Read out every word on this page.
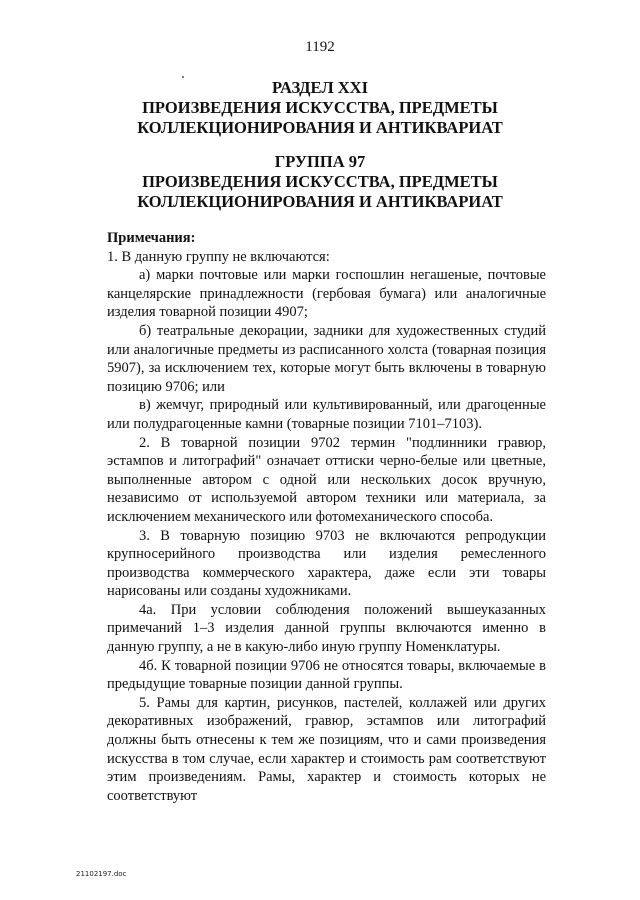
1192
РАЗДЕЛ XXI
ПРОИЗВЕДЕНИЯ ИСКУССТВА, ПРЕДМЕТЫ
КОЛЛЕКЦИОНИРОВАНИЯ И АНТИКВАРИАТ
ГРУППА 97
ПРОИЗВЕДЕНИЯ ИСКУССТВА, ПРЕДМЕТЫ
КОЛЛЕКЦИОНИРОВАНИЯ И АНТИКВАРИАТ
Примечания:

1. В данную группу не включаются:

а) марки почтовые или марки госпошлин негашеные, почтовые канцелярские принадлежности (гербовая бумага) или аналогичные изделия товарной позиции 4907;

б) театральные декорации, задники для художественных студий или аналогичные предметы из расписанного холста (товарная позиция 5907), за исключением тех, которые могут быть включены в товарную позицию 9706; или

в) жемчуг, природный или культивированный, или драгоценные или полудрагоценные камни (товарные позиции 7101–7103).

2. В товарной позиции 9702 термин "подлинники гравюр, эстампов и литографий" означает оттиски черно-белые или цветные, выполненные автором с одной или нескольких досок вручную, независимо от используемой автором техники или материала, за исключением механического или фотомеханического способа.

3. В товарную позицию 9703 не включаются репродукции крупносерийного производства или изделия ремесленного производства коммерческого характера, даже если эти товары нарисованы или созданы художниками.

4а. При условии соблюдения положений вышеуказанных примечаний 1–3 изделия данной группы включаются именно в данную группу, а не в какую-либо иную группу Номенклатуры.

4б. К товарной позиции 9706 не относятся товары, включаемые в предыдущие товарные позиции данной группы.

5. Рамы для картин, рисунков, пастелей, коллажей или других декоративных изображений, гравюр, эстампов или литографий должны быть отнесены к тем же позициям, что и сами произведения искусства в том случае, если характер и стоимость рам соответствуют этим произведениям. Рамы, характер и стоимость которых не соответствуют

21102197.doc
